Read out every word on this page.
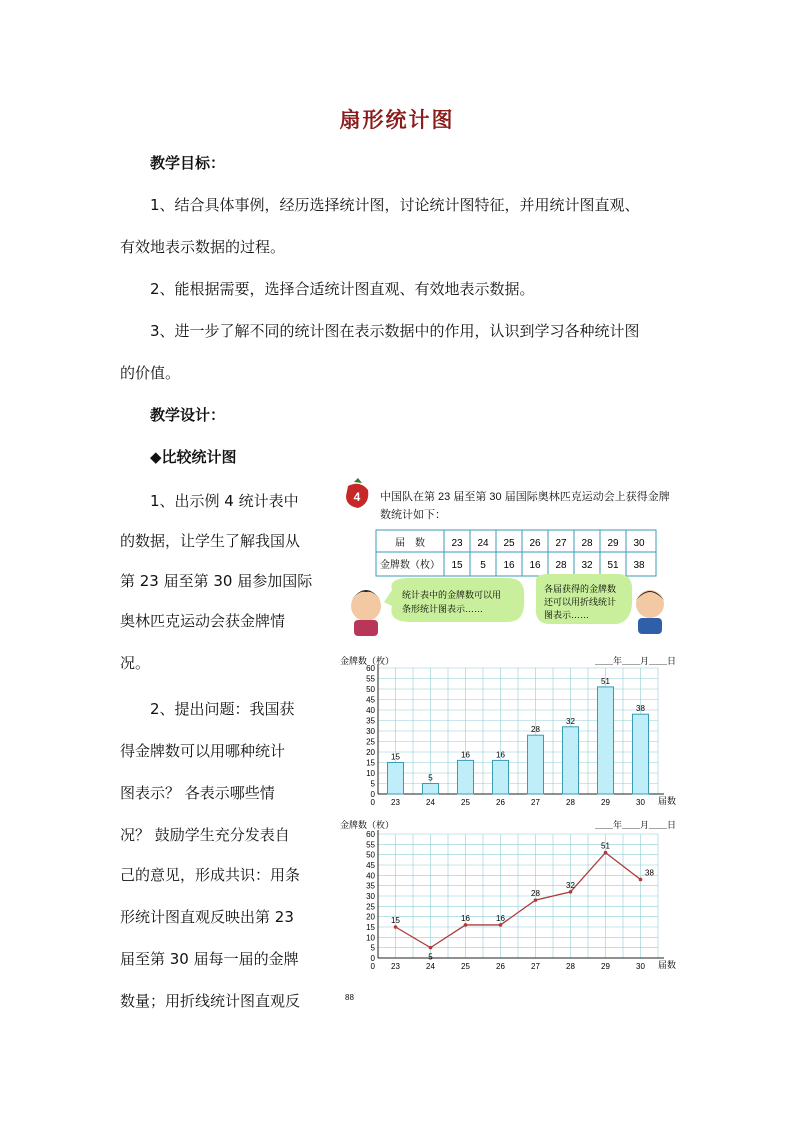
扇形统计图
教学目标：
1、结合具体事例，经历选择统计图，讨论统计图特征，并用统计图直观、
有效地表示数据的过程。
2、能根据需要，选择合适统计图直观、有效地表示数据。
3、进一步了解不同的统计图在表示数据中的作用，认识到学习各种统计图
的价值。
教学设计：
◆比较统计图
1、出示例 4 统计表中
的数据，让学生了解我国从
第 23 届至第 30 届参加国际
奥林匹克运动会获金牌情
况。
2、提出问题：我国获
得金牌数可以用哪种统计
图表示？ 各表示哪些情
况？ 鼓励学生充分发表自
己的意见，形成共识：用条
形统计图直观反映出第 23
届至第 30 届每一届的金牌
数量；用折线统计图直观反
4 中国队在第 23 届至第 30 届国际奥林匹克运动会上获得金牌
数统计如下：
届　数
金牌数（枚）
23
15
24
5
25
16
26
16
27
28
28
32
29
51
30
38
统计表中的金牌数可以用
条形统计图表示……
各届获得的金牌数
还可以用折线统计
图表示……
金牌数（枚）	＿＿年＿＿月＿＿日
届数
0
5
10
15
20
25
30
35
40
45
50
55
60
15
23
5
24
16
25
16
26
28
27
32
28
51
29
38
30
0
金牌数（枚）	＿＿年＿＿月＿＿日
届数
0
5
10
15
20
25
30
35
40
45
50
55
60
15
23
5
24
16
25
16
26
28
27
32
28
51
29
38
30
0
88
